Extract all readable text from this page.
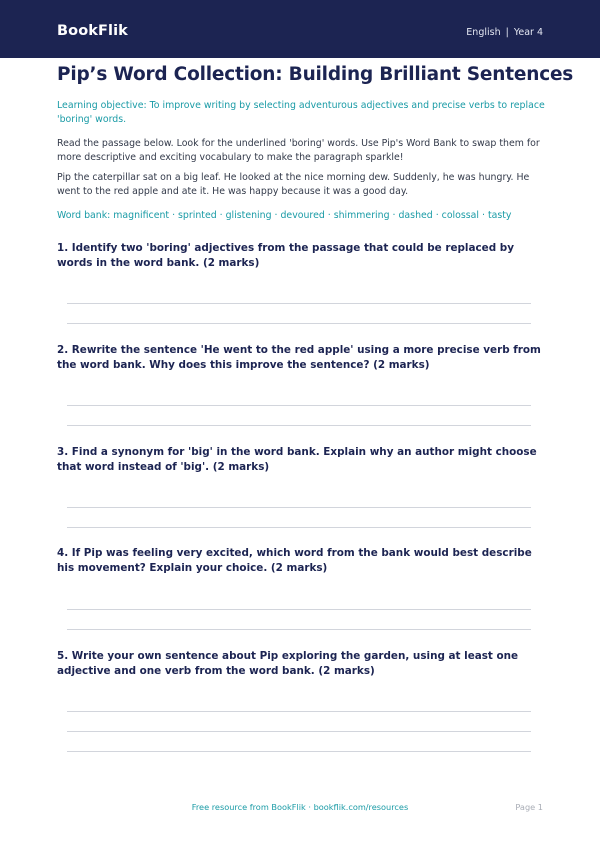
BookFlik	English | Year 4
Pip’s Word Collection: Building Brilliant Sentences

Learning objective: To improve writing by selecting adventurous adjectives and precise verbs to replace 'boring' words.

Read the passage below. Look for the underlined 'boring' words. Use Pip's Word Bank to swap them for more descriptive and exciting vocabulary to make the paragraph sparkle!

Pip the caterpillar sat on a big leaf. He looked at the nice morning dew. Suddenly, he was hungry. He went to the red apple and ate it. He was happy because it was a good day.

Word bank: magnificent · sprinted · glistening · devoured · shimmering · dashed · colossal · tasty

1. Identify two 'boring' adjectives from the passage that could be replaced by words in the word bank. (2 marks)

2. Rewrite the sentence 'He went to the red apple' using a more precise verb from the word bank. Why does this improve the sentence? (2 marks)

3. Find a synonym for 'big' in the word bank. Explain why an author might choose that word instead of 'big'. (2 marks)

4. If Pip was feeling very excited, which word from the bank would best describe his movement? Explain your choice. (2 marks)

5. Write your own sentence about Pip exploring the garden, using at least one adjective and one verb from the word bank. (2 marks)

Free resource from BookFlik · bookflik.com/resources	Page 1
